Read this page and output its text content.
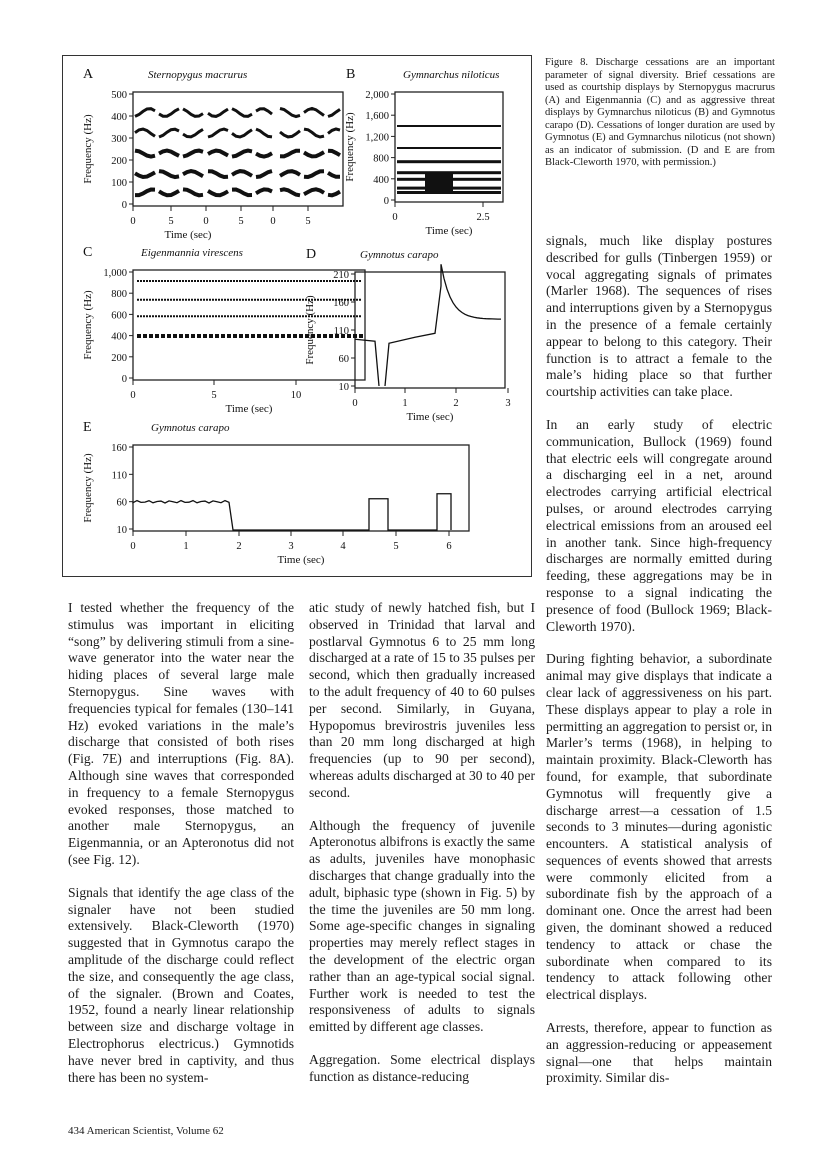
A	Sternopygus macrurus
500
400
300
200
100
0
Frequency (Hz)
0	5	0	5	0	5
Time (sec)
B	Gymnarchus niloticus
2,000
1,600
1,200
800
400
0
Frequency (Hz)
0	2.5
Time (sec)
C	Eigenmannia virescens
1,000
800
600
400
200
0
Frequency (Hz)
0	5	10
Time (sec)
D	Gymnotus carapo
210
160
110
60
10
Frequency (Hz)
0	1	2	3
Time (sec)
E	Gymnotus carapo
160
110
60
10
Frequency (Hz)
0	1	2	3	4	5	6
Time (sec)
Figure 8. Discharge cessations are an important parameter of signal diversity. Brief cessations are used as courtship displays by Sternopygus macrurus (A) and Eigenmannia (C) and as aggressive threat displays by Gymnarchus niloticus (B) and Gymnotus carapo (D). Cessations of longer duration are used by Gymnotus (E) and Gymnarchus niloticus (not shown) as an indicator of submission. (D and E are from Black-Cleworth 1970, with permission.)

I tested whether the frequency of the stimulus was important in eliciting “song” by delivering stimuli from a sine-wave generator into the water near the hiding places of several large male Sternopygus. Sine waves with frequencies typical for females (130–141 Hz) evoked variations in the male’s discharge that consisted of both rises (Fig. 7E) and interruptions (Fig. 8A). Although sine waves that corresponded in frequency to a female Sternopygus evoked responses, those matched to another male Sternopygus, an Eigenmannia, or an Apteronotus did not (see Fig. 12).

Signals that identify the age class of the signaler have not been studied extensively. Black-Cleworth (1970) suggested that in Gymnotus carapo the amplitude of the discharge could reflect the size, and consequently the age class, of the signaler. (Brown and Coates, 1952, found a nearly linear relationship between size and discharge voltage in Electrophorus electricus.) Gymnotids have never bred in captivity, and thus there has been no system-

atic study of newly hatched fish, but I observed in Trinidad that larval and postlarval Gymnotus 6 to 25 mm long discharged at a rate of 15 to 35 pulses per second, which then gradually increased to the adult frequency of 40 to 60 pulses per second. Similarly, in Guyana, Hypopomus brevirostris juveniles less than 20 mm long discharged at high frequencies (up to 90 per second), whereas adults discharged at 30 to 40 per second.

Although the frequency of juvenile Apteronotus albifrons is exactly the same as adults, juveniles have monophasic discharges that change gradually into the adult, biphasic type (shown in Fig. 5) by the time the juveniles are 50 mm long. Some age-specific changes in signaling properties may merely reflect stages in the development of the electric organ rather than an age-typical social signal. Further work is needed to test the responsiveness of adults to signals emitted by different age classes.

Aggregation. Some electrical displays function as distance-reducing

signals, much like display postures described for gulls (Tinbergen 1959) or vocal aggregating signals of primates (Marler 1968). The sequences of rises and interruptions given by a Sternopygus in the presence of a female certainly appear to belong to this category. Their function is to attract a female to the male’s hiding place so that further courtship activities can take place.

In an early study of electric communication, Bullock (1969) found that electric eels will congregate around a discharging eel in a net, around electrodes carrying artificial electrical pulses, or around electrodes carrying electrical emissions from an aroused eel in another tank. Since high-frequency discharges are normally emitted during feeding, these aggregations may be in response to a signal indicating the presence of food (Bullock 1969; Black-Cleworth 1970).

During fighting behavior, a subordinate animal may give displays that indicate a clear lack of aggressiveness on his part. These displays appear to play a role in permitting an aggregation to persist or, in Marler’s terms (1968), in helping to maintain proximity. Black-Cleworth has found, for example, that subordinate Gymnotus will frequently give a discharge arrest—a cessation of 1.5 seconds to 3 minutes—during agonistic encounters. A statistical analysis of sequences of events showed that arrests were commonly elicited from a subordinate fish by the approach of a dominant one. Once the arrest had been given, the dominant showed a reduced tendency to attack or chase the subordinate when compared to its tendency to attack following other electrical displays.

Arrests, therefore, appear to function as an aggression-reducing or appeasement signal—one that helps maintain proximity. Similar dis-

434 American Scientist, Volume 62
